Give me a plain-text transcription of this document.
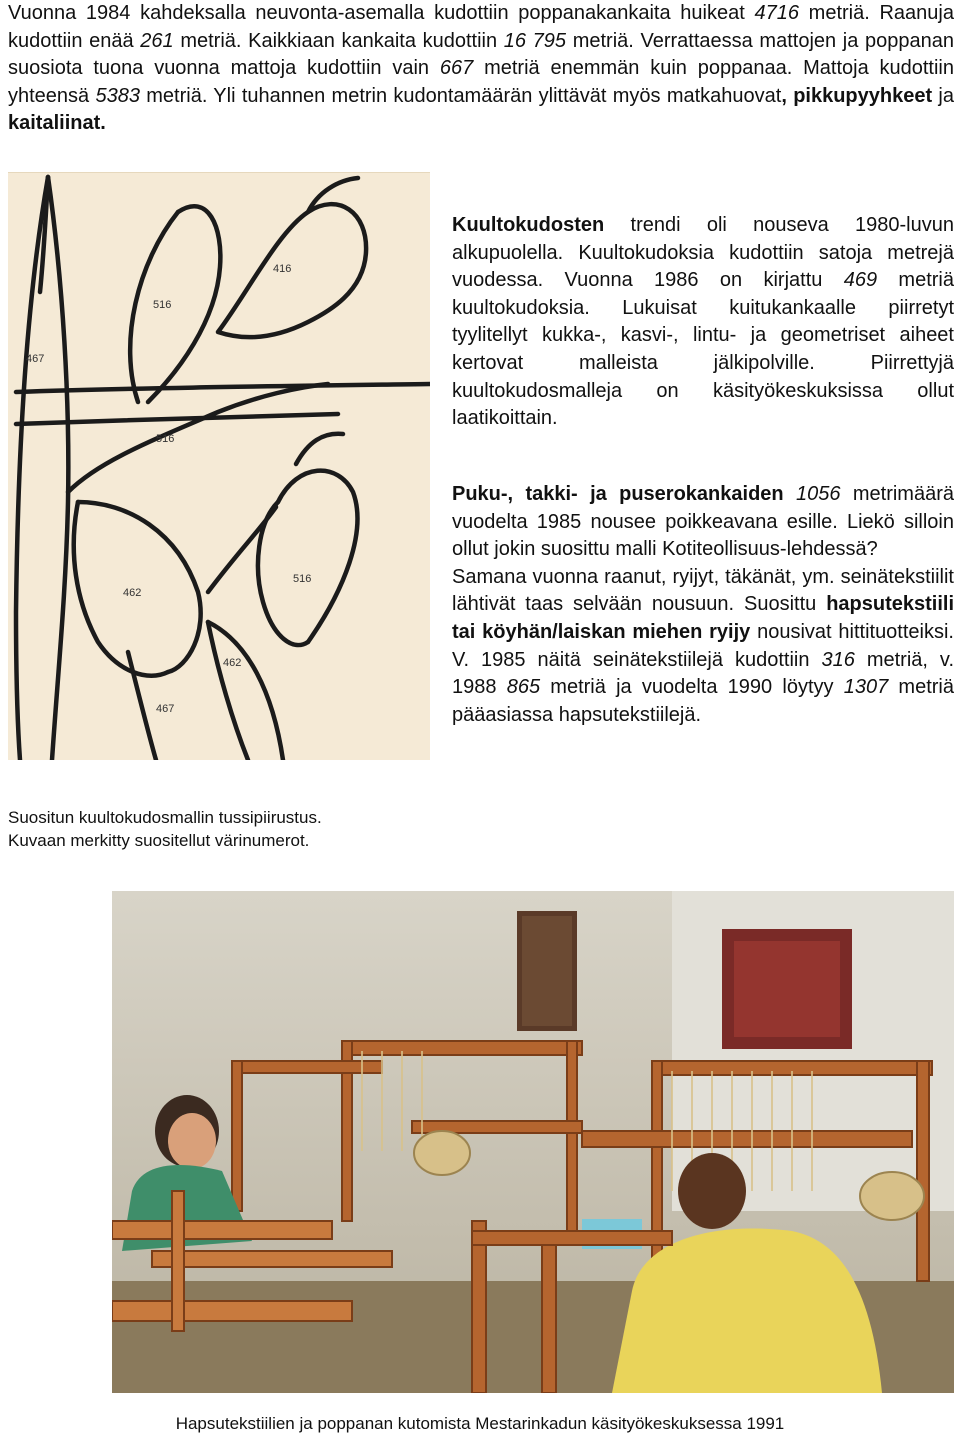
Vuonna 1984 kahdeksalla neuvonta-asemalla kudottiin poppanakankaita huikeat 4716 metriä. Raanuja kudottiin enää 261 metriä. Kaikkiaan kankaita kudottiin 16 795 metriä. Verrattaessa mattojen ja poppanan suosiota tuona vuonna mattoja kudottiin vain 667 metriä enemmän kuin poppanaa. Mattoja kudottiin yhteensä 5383 metriä. Yli tuhannen metrin kudontamäärän ylittävät myös matkahuovat, pikkupyyhkeet ja kaitaliinat.
467
516
516
416
462
462
516
467
Suositun kuultokudosmallin tussipiirustus.
Kuvaan merkitty suositellut värinumerot.
Kuultokudosten trendi oli nouseva 1980-luvun alkupuolella. Kuultokudoksia kudottiin satoja metrejä vuodessa. Vuonna 1986 on kirjattu 469 metriä kuultokudoksia. Lukuisat kuitukankaalle piirretyt tyylitellyt kukka-, kasvi-, lintu- ja geometriset aiheet kertovat malleista jälkipolville. Piirrettyjä kuultokudosmalleja on käsityökeskuksissa ollut laatikoittain.

Puku-, takki- ja puserokankaiden 1056 metrimäärä vuodelta 1985 nousee poikkeavana esille. Liekö silloin ollut jokin suosittu malli Kotiteollisuus-lehdessä?

Samana vuonna raanut, ryijyt, täkänät, ym. seinätekstiilit lähtivät taas selvään nousuun. Suosittu hapsutekstiili tai köyhän/laiskan miehen ryijy nousivat hittituotteiksi. V. 1985 näitä seinätekstiilejä kudottiin 316 metriä, v. 1988 865 metriä ja vuodelta 1990 löytyy 1307 metriä pääasiassa hapsutekstiilejä.

Hapsutekstiilien ja poppanan kutomista Mestarinkadun käsityökeskuksessa 1991
